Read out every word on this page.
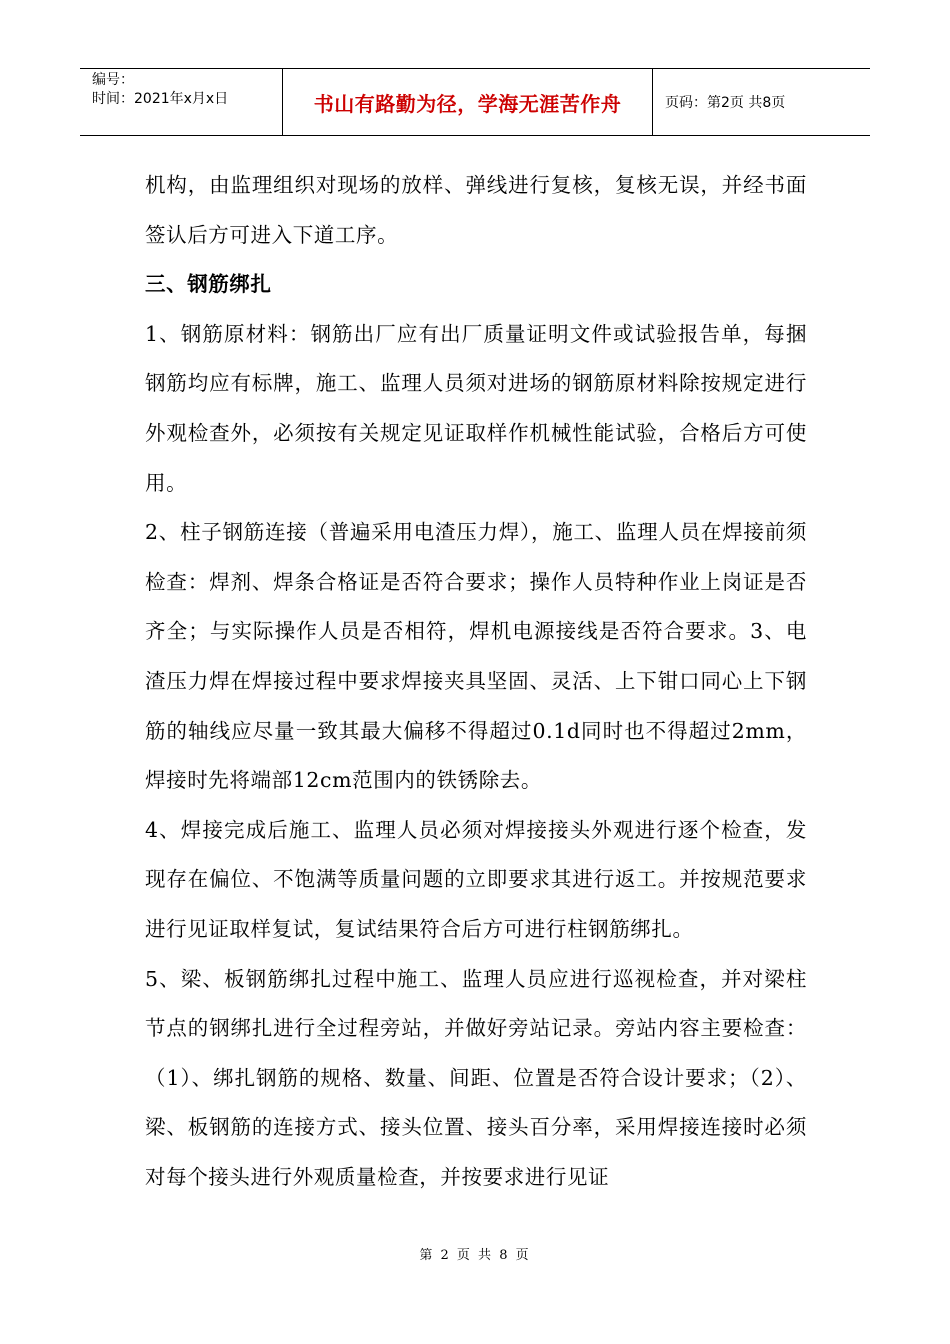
编号：
时间：2021年x月x日	书山有路勤为径，学海无涯苦作舟	页码：第2页 共8页

机构，由监理组织对现场的放样、弹线进行复核，复核无误，并经书面签认后方可进入下道工序。

三、钢筋绑扎

1、钢筋原材料：钢筋出厂应有出厂质量证明文件或试验报告单，每捆钢筋均应有标牌，施工、监理人员须对进场的钢筋原材料除按规定进行外观检查外，必须按有关规定见证取样作机械性能试验，合格后方可使用。

2、柱子钢筋连接（普遍采用电渣压力焊），施工、监理人员在焊接前须检查：焊剂、焊条合格证是否符合要求；操作人员特种作业上岗证是否齐全；与实际操作人员是否相符，焊机电源接线是否符合要求。3、电渣压力焊在焊接过程中要求焊接夹具坚固、灵活、上下钳口同心上下钢筋的轴线应尽量一致其最大偏移不得超过0.1d同时也不得超过2mm，焊接时先将端部12cm范围内的铁锈除去。

4、焊接完成后施工、监理人员必须对焊接接头外观进行逐个检查，发现存在偏位、不饱满等质量问题的立即要求其进行返工。并按规范要求进行见证取样复试，复试结果符合后方可进行柱钢筋绑扎。

5、梁、板钢筋绑扎过程中施工、监理人员应进行巡视检查，并对梁柱节点的钢绑扎进行全过程旁站，并做好旁站记录。旁站内容主要检查：（1）、绑扎钢筋的规格、数量、间距、位置是否符合设计要求；（2）、梁、板钢筋的连接方式、接头位置、接头百分率，采用焊接连接时必须对每个接头进行外观质量检查，并按要求进行见证

第 2 页 共 8 页
